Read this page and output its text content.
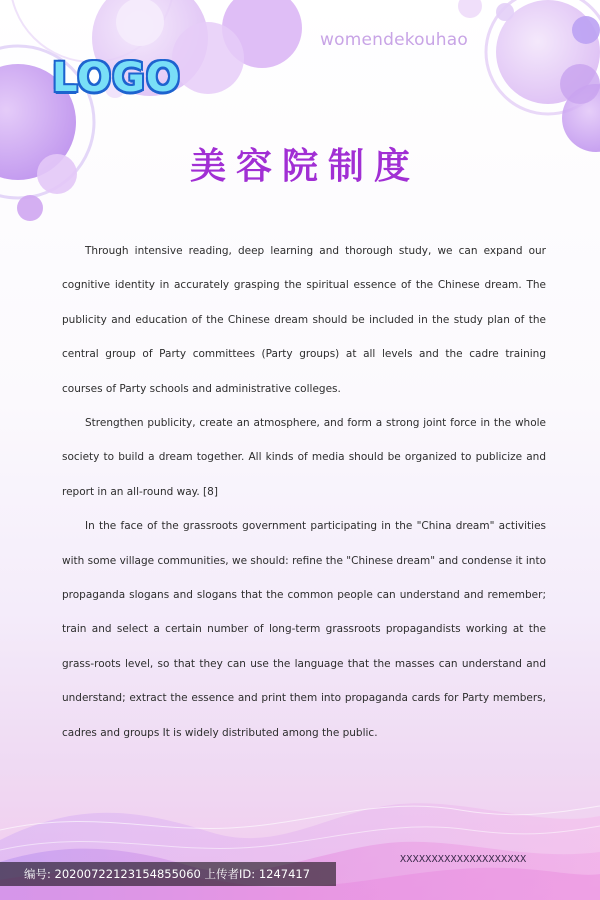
LOGO
womendekouhao
美容院制度

Through intensive reading, deep learning and thorough study, we can expand our cognitive identity in accurately grasping the spiritual essence of the Chinese dream. The publicity and education of the Chinese dream should be included in the study plan of the central group of Party committees (Party groups) at all levels and the cadre training courses of Party schools and administrative colleges.

Strengthen publicity, create an atmosphere, and form a strong joint force in the whole society to build a dream together. All kinds of media should be organized to publicize and report in an all-round way. [8]

In the face of the grassroots government participating in the "China dream" activities with some village communities, we should: refine the "Chinese dream" and condense it into propaganda slogans and slogans that the common people can understand and remember; train and select a certain number of long-term grassroots propagandists working at the grass-roots level, so that they can use the language that the masses can understand and understand; extract the essence and print them into propaganda cards for Party members, cadres and groups It is widely distributed among the public.

XXXXXXXXXXXXXXXXXXXX
编号: 20200722123154855060 上传者ID: 1247417
